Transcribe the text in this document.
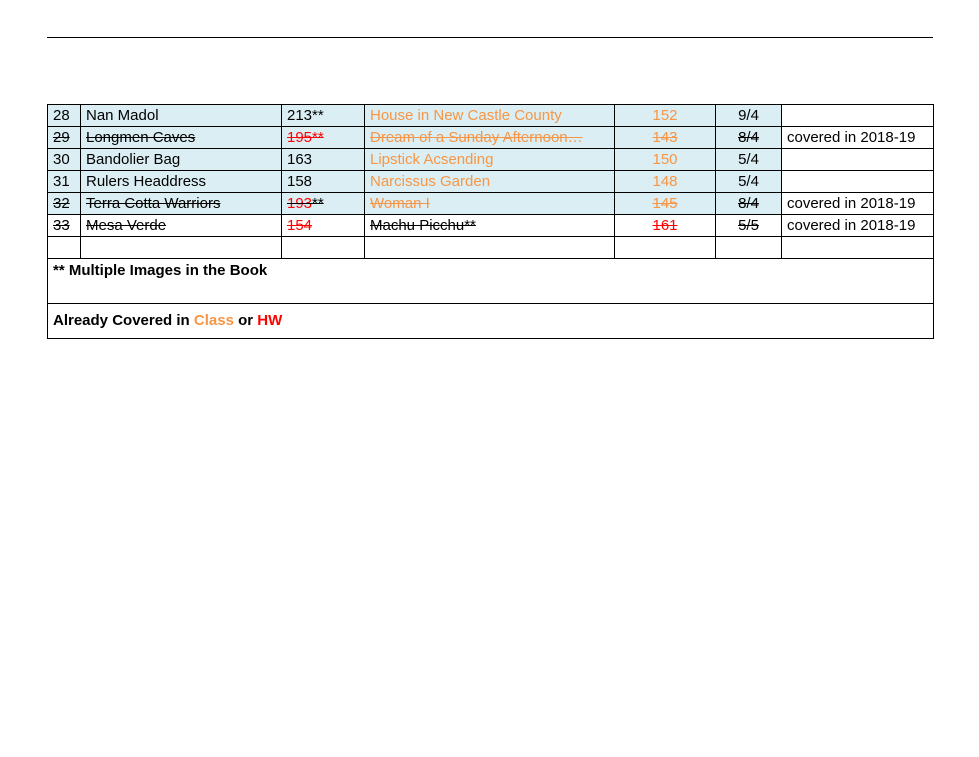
28	Nan Madol	213**	House in New Castle County	152	9/4	
29	Longmen Caves	195**	Dream of a Sunday Afternoon…	143	8/4	covered in 2018-19
30	Bandolier Bag	163	Lipstick Acsending	150	5/4	
31	Rulers Headdress	158	Narcissus Garden	148	5/4	
32	Terra Cotta Warriors	193**	Woman I	145	8/4	covered in 2018-19
33	Mesa Verde	154	Machu Picchu**	161	5/5	covered in 2018-19

** Multiple Images in the Book						
Already Covered in Class or HW						
